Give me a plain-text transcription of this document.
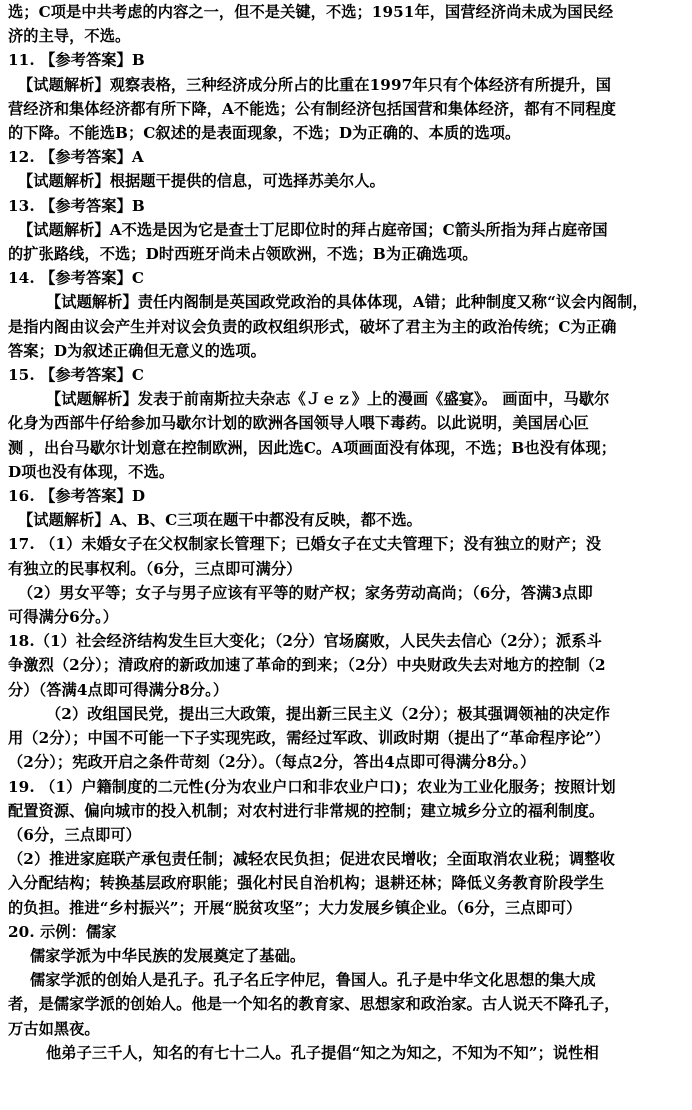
选；C项是中共考虑的内容之一，但不是关键，不选；1951年，国营经济尚未成为国民经

济的主导，不选。

11. 【参考答案】B

【试题解析】观察表格，三种经济成分所占的比重在1997年只有个体经济有所提升，国

营经济和集体经济都有所下降，A不能选；公有制经济包括国营和集体经济，都有不同程度

的下降。不能选B；C叙述的是表面现象，不选；D为正确的、本质的选项。

12. 【参考答案】A

【试题解析】根据题干提供的信息，可选择苏美尔人。

13. 【参考答案】B

【试题解析】A不选是因为它是查士丁尼即位时的拜占庭帝国；C箭头所指为拜占庭帝国

的扩张路线，不选；D时西班牙尚未占领欧洲，不选；B为正确选项。

14. 【参考答案】C

【试题解析】责任内阁制是英国政党政治的具体体现，A错；此种制度又称“议会内阁制，

是指内阁由议会产生并对议会负责的政权组织形式，破坏了君主为主的政治传统；C为正确

答案；D为叙述正确但无意义的选项。

15. 【参考答案】C

【试题解析】发表于前南斯拉夫杂志《Ｊｅｚ》上的漫画《盛宴》。 画面中，马歇尔

化身为西部牛仔给参加马歇尔计划的欧洲各国领导人喂下毒药。以此说明，美国居心叵

测 ，出台马歇尔计划意在控制欧洲，因此选C。A项画面没有体现，不选；B也没有体现；

D项也没有体现，不选。

16. 【参考答案】D

【试题解析】A、B、C三项在题干中都没有反映，都不选。

17. （1）未婚女子在父权制家长管理下；已婚女子在丈夫管理下；没有独立的财产；没

有独立的民事权利。（6分，三点即可满分）

（2）男女平等；女子与男子应该有平等的财产权；家务劳动高尚；（6分，答满3点即

可得满分6分。）

18.（1）社会经济结构发生巨大变化；（2分）官场腐败，人民失去信心（2分）；派系斗

争激烈（2分）；清政府的新政加速了革命的到来；（2分）中央财政失去对地方的控制（2

分）（答满4点即可得满分8分。）

（2）改组国民党，提出三大政策，提出新三民主义（2分）；极其强调领袖的决定作

用（2分）；中国不可能一下子实现宪政，需经过军政、训政时期（提出了“革命程序论”）

（2分）；宪政开启之条件苛刻（2分）。（每点2分，答出4点即可得满分8分。）

19. （1）户籍制度的二元性(分为农业户口和非农业户口)；农业为工业化服务；按照计划

配置资源、偏向城市的投入机制；对农村进行非常规的控制；建立城乡分立的福利制度。

（6分，三点即可）

（2）推进家庭联产承包责任制；减轻农民负担；促进农民增收；全面取消农业税；调整收

入分配结构；转换基层政府职能；强化村民自治机构；退耕还林；降低义务教育阶段学生

的负担。推进“乡村振兴”；开展“脱贫攻坚”；大力发展乡镇企业。（6分，三点即可）

20. 示例：儒家

儒家学派为中华民族的发展奠定了基础。

儒家学派的创始人是孔子。孔子名丘字仲尼，鲁国人。孔子是中华文化思想的集大成

者，是儒家学派的创始人。他是一个知名的教育家、思想家和政治家。古人说天不降孔子，

万古如黑夜。

他弟子三千人，知名的有七十二人。孔子提倡“知之为知之，不知为不知”；说性相
